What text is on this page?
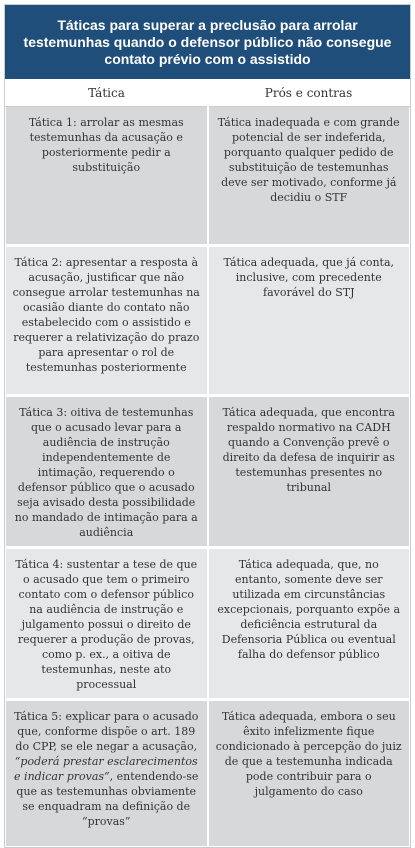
Táticas para superar a preclusão para arrolar testemunhas quando o defensor público não consegue contato prévio com o assistido
Tática	Prós e contras
Tática 1: arrolar as mesmas testemunhas da acusação e posteriormente pedir a substituição	Tática inadequada e com grande potencial de ser indeferida, porquanto qualquer pedido de substituição de testemunhas deve ser motivado, conforme já decidiu o STF

Tática 2: apresentar a resposta à acusação, justificar que não consegue arrolar testemunhas na ocasião diante do contato não estabelecido com o assistido e requerer a relativização do prazo para apresentar o rol de testemunhas posteriormente	Tática adequada, que já conta, inclusive, com precedente favorável do STJ

Tática 3: oitiva de testemunhas que o acusado levar para a audiência de instrução independentemente de intimação, requerendo o defensor público que o acusado seja avisado desta possibilidade no mandado de intimação para a audiência	Tática adequada, que encontra respaldo normativo na CADH quando a Convenção prevê o direito da defesa de inquirir as testemunhas presentes no tribunal

Tática 4: sustentar a tese de que o acusado que tem o primeiro contato com o defensor público na audiência de instrução e julgamento possui o direito de requerer a produção de provas, como p. ex., a oitiva de testemunhas, neste ato processual	Tática adequada, que, no entanto, somente deve ser utilizada em circunstâncias excepcionais, porquanto expõe a deficiência estrutural da Defensoria Pública ou eventual falha do defensor público

Tática 5: explicar para o acusado que, conforme dispõe o art. 189 do CPP, se ele negar a acusação, “poderá prestar esclarecimentos e indicar provas”, entendendo-se que as testemunhas obviamente se enquadram na definição de “provas”	Tática adequada, embora o seu êxito infelizmente fique condicionado à percepção do juiz de que a testemunha indicada pode contribuir para o julgamento do caso
